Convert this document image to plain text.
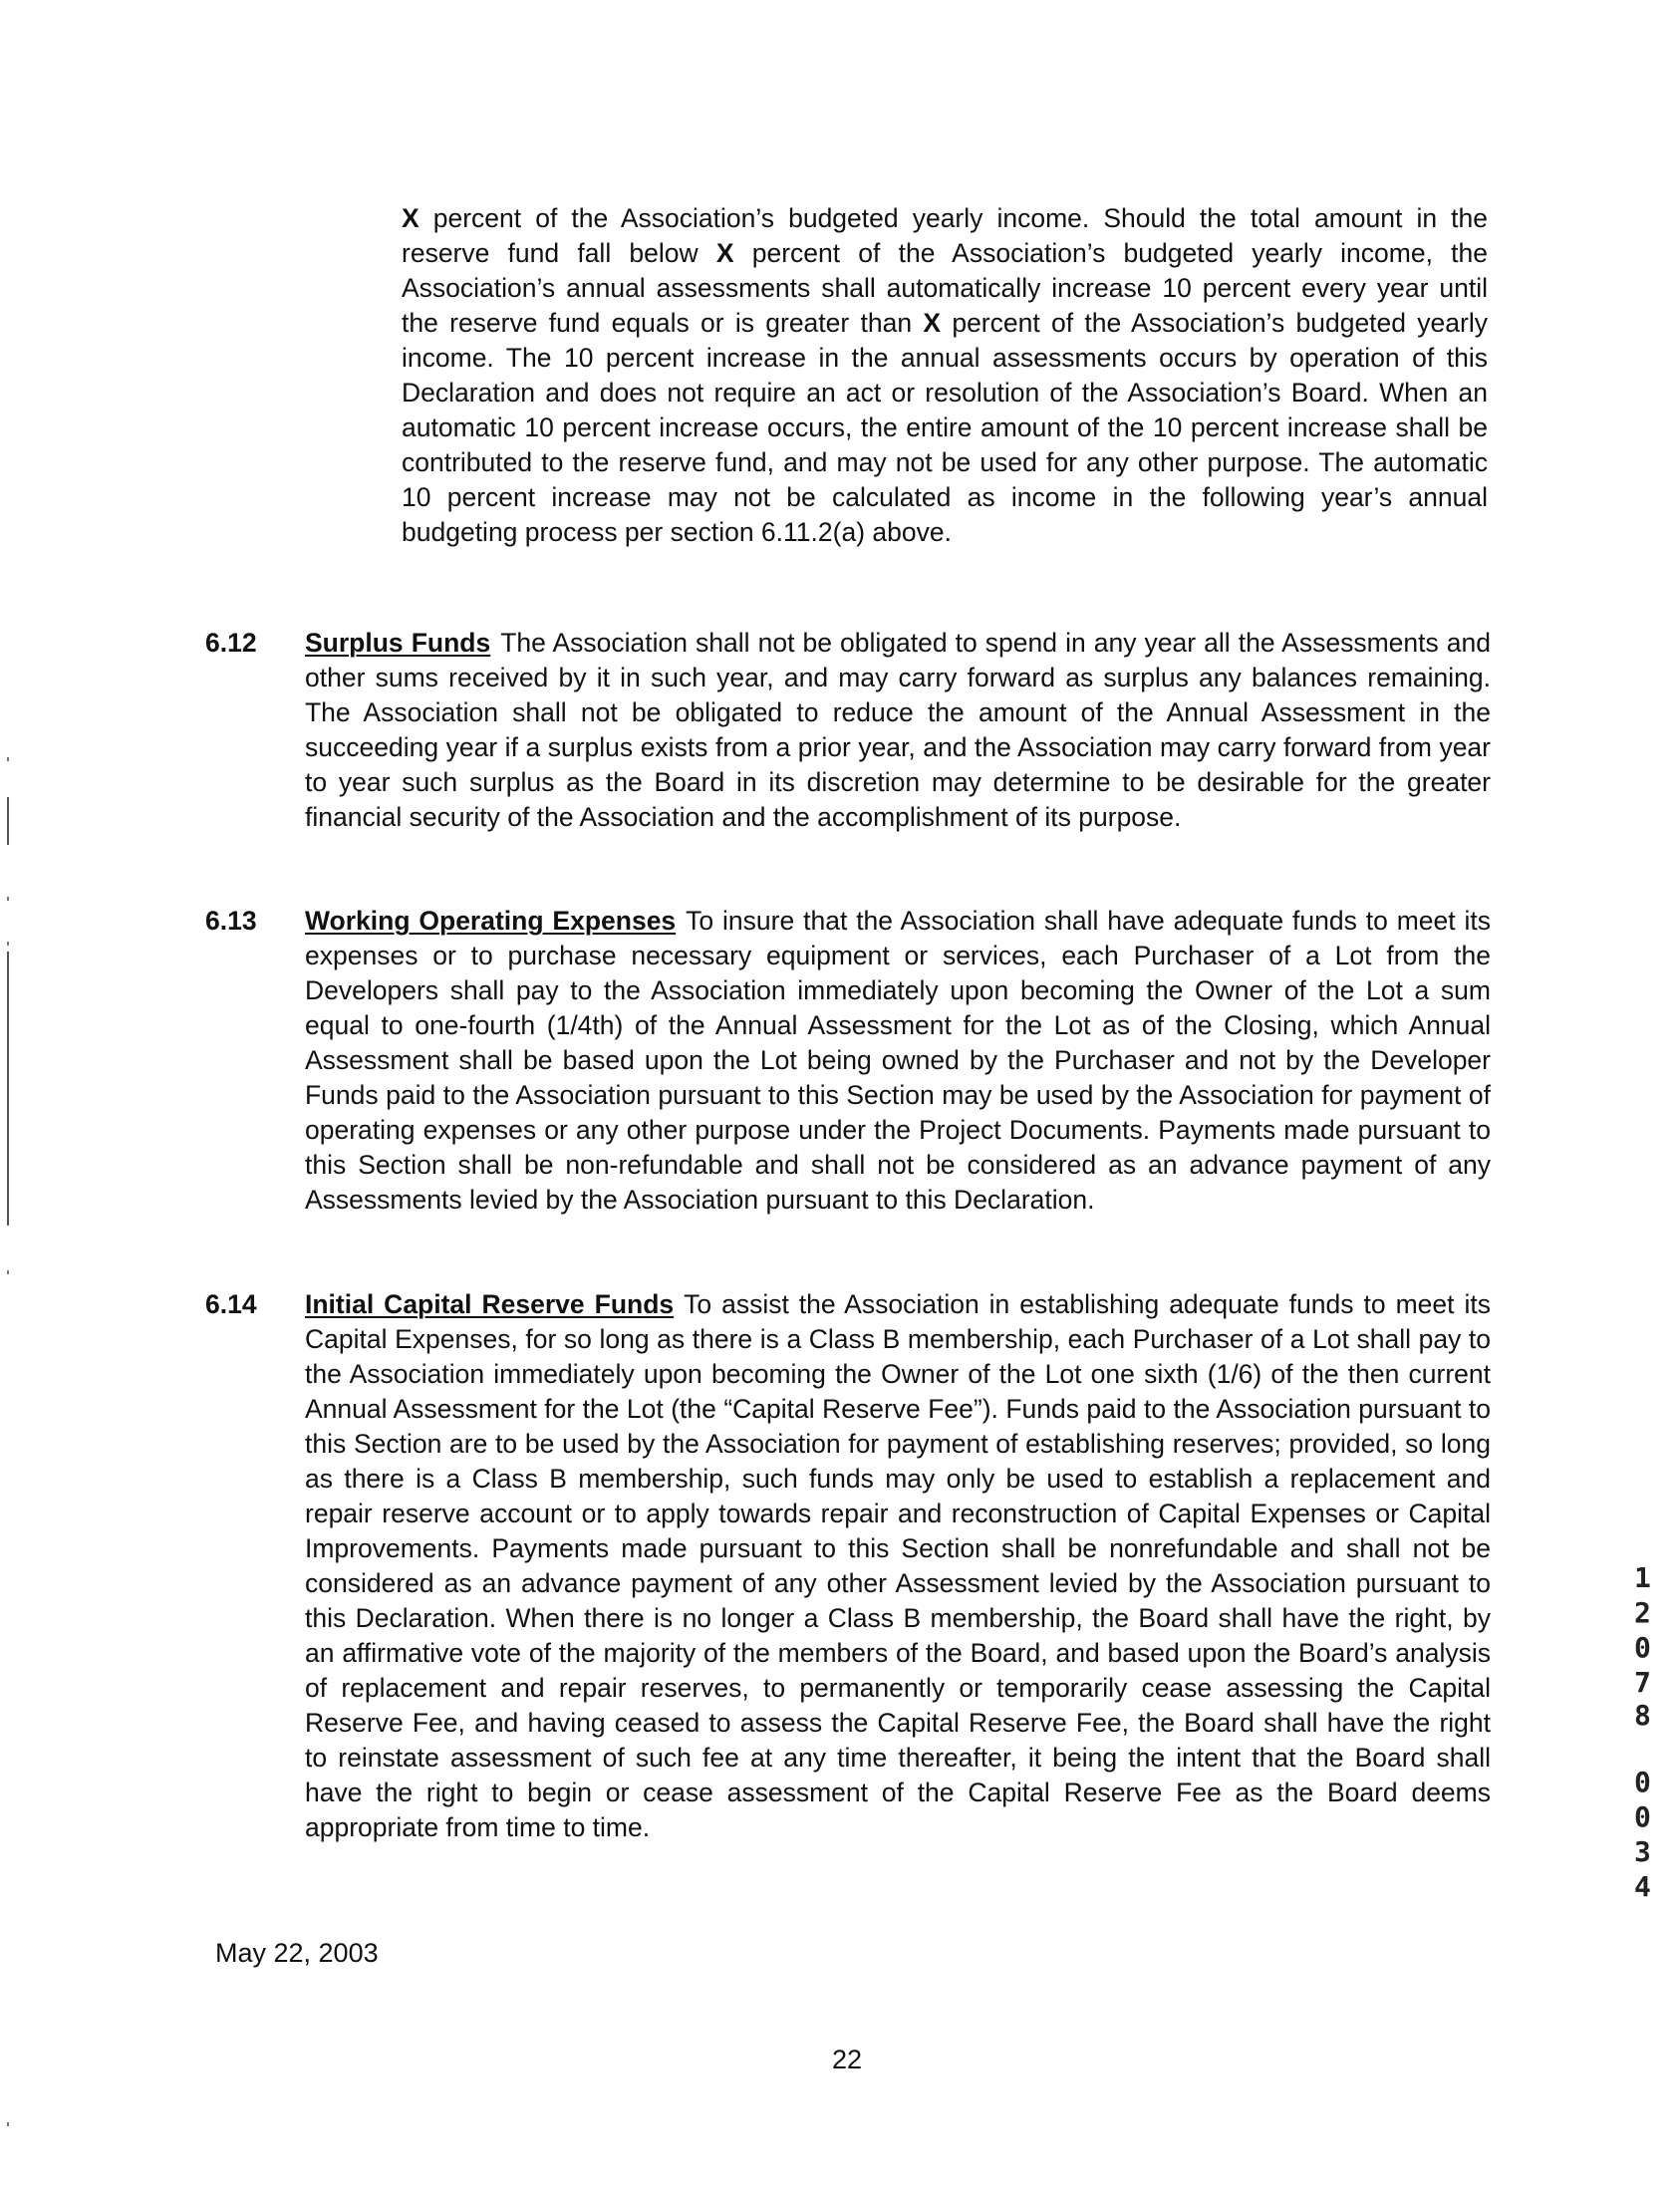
X percent of the Association’s budgeted yearly income. Should the total amount in the reserve fund fall below X percent of the Association’s budgeted yearly income, the Association’s annual assessments shall automatically increase 10 percent every year until the reserve fund equals or is greater than X percent of the Association’s budgeted yearly income. The 10 percent increase in the annual assessments occurs by operation of this Declaration and does not require an act or resolution of the Association’s Board. When an automatic 10 percent increase occurs, the entire amount of the 10 percent increase shall be contributed to the reserve fund, and may not be used for any other purpose. The automatic 10 percent increase may not be calculated as income in the following year’s annual budgeting process per section 6.11.2(a) above.

6.12 Surplus Funds The Association shall not be obligated to spend in any year all the Assessments and other sums received by it in such year, and may carry forward as surplus any balances remaining. The Association shall not be obligated to reduce the amount of the Annual Assessment in the succeeding year if a surplus exists from a prior year, and the Association may carry forward from year to year such surplus as the Board in its discretion may determine to be desirable for the greater financial security of the Association and the accomplishment of its purpose.

6.13 Working Operating Expenses To insure that the Association shall have adequate funds to meet its expenses or to purchase necessary equipment or services, each Purchaser of a Lot from the Developers shall pay to the Association immediately upon becoming the Owner of the Lot a sum equal to one-fourth (1/4th) of the Annual Assessment for the Lot as of the Closing, which Annual Assessment shall be based upon the Lot being owned by the Purchaser and not by the Developer Funds paid to the Association pursuant to this Section may be used by the Association for payment of operating expenses or any other purpose under the Project Documents. Payments made pursuant to this Section shall be non-refundable and shall not be considered as an advance payment of any Assessments levied by the Association pursuant to this Declaration.

6.14 Initial Capital Reserve Funds To assist the Association in establishing adequate funds to meet its Capital Expenses, for so long as there is a Class B membership, each Purchaser of a Lot shall pay to the Association immediately upon becoming the Owner of the Lot one sixth (1/6) of the then current Annual Assessment for the Lot (the “Capital Reserve Fee”). Funds paid to the Association pursuant to this Section are to be used by the Association for payment of establishing reserves; provided, so long as there is a Class B membership, such funds may only be used to establish a replacement and repair reserve account or to apply towards repair and reconstruction of Capital Expenses or Capital Improvements. Payments made pursuant to this Section shall be nonrefundable and shall not be considered as an advance payment of any other Assessment levied by the Association pursuant to this Declaration. When there is no longer a Class B membership, the Board shall have the right, by an affirmative vote of the majority of the members of the Board, and based upon the Board’s analysis of replacement and repair reserves, to permanently or temporarily cease assessing the Capital Reserve Fee, and having ceased to assess the Capital Reserve Fee, the Board shall have the right to reinstate assessment of such fee at any time thereafter, it being the intent that the Board shall have the right to begin or cease assessment of the Capital Reserve Fee as the Board deems appropriate from time to time.

May 22, 2003
22
1
2
0
7
8
0
0
3
4
